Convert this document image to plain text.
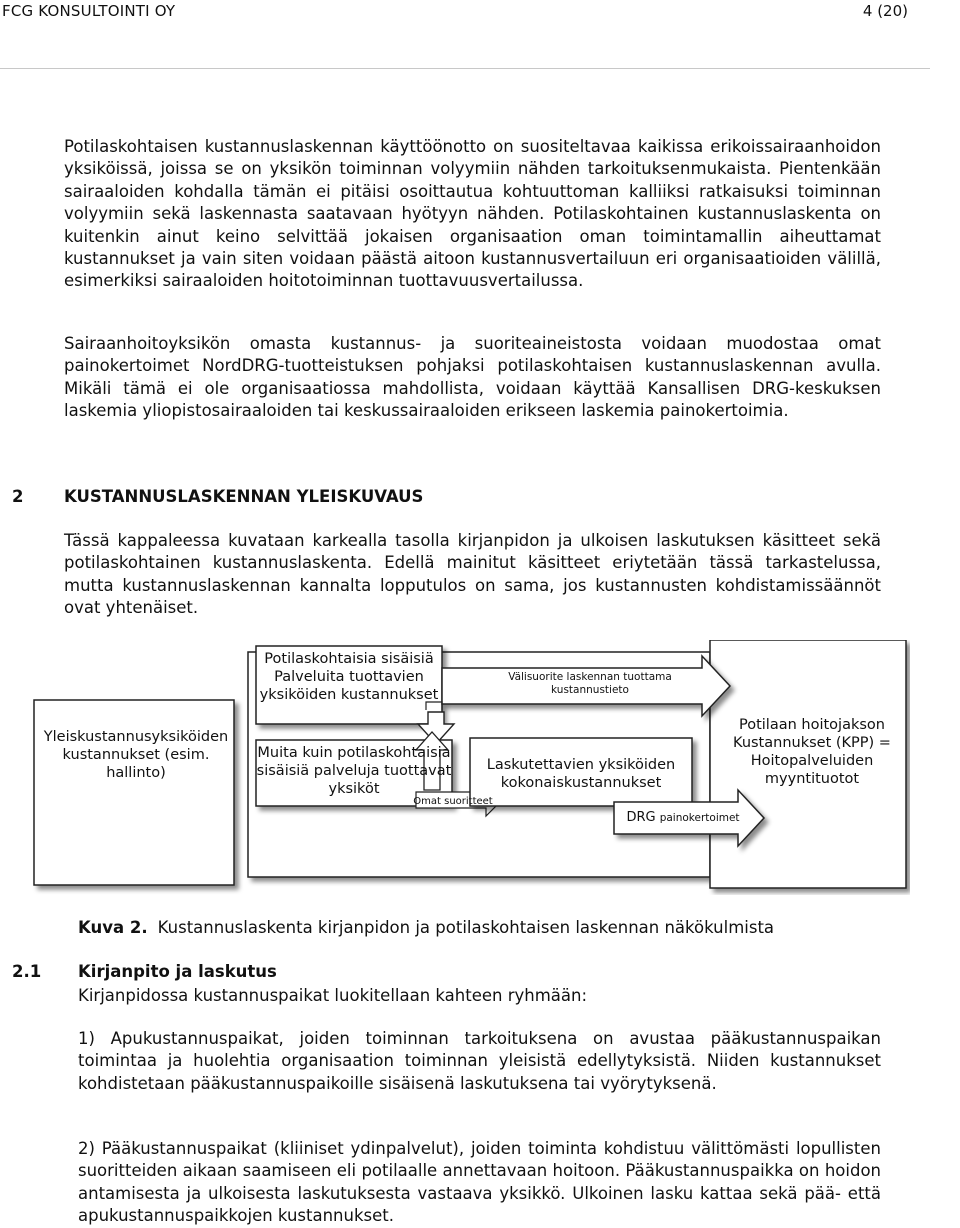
FCG KONSULTOINTI OY	4 (20)

Potilaskohtaisen kustannuslaskennan käyttöönotto on suositeltavaa kaikissa erikoissairaanhoidon yksiköissä, joissa se on yksikön toiminnan volyymiin nähden tarkoituksenmukaista. Pientenkään sairaaloiden kohdalla tämän ei pitäisi osoittautua kohtuuttoman kalliiksi ratkaisuksi toiminnan volyymiin sekä laskennasta saatavaan hyötyyn nähden. Potilaskohtainen kustannuslaskenta on kuitenkin ainut keino selvittää jokaisen organisaation oman toimintamallin aiheuttamat kustannukset ja vain siten voidaan päästä aitoon kustannusvertailuun eri organisaatioiden välillä, esimerkiksi sairaaloiden hoitotoiminnan tuottavuusvertailussa.

Sairaanhoitoyksikön omasta kustannus- ja suoriteaineistosta voidaan muodostaa omat painokertoimet NordDRG-tuotteistuksen pohjaksi potilaskohtaisen kustannuslaskennan avulla. Mikäli tämä ei ole organisaatiossa mahdollista, voidaan käyttää Kansallisen DRG-keskuksen laskemia yliopistosairaaloiden tai keskussairaaloiden erikseen laskemia painokertoimia.

2 KUSTANNUSLASKENNAN YLEISKUVAUS

Tässä kappaleessa kuvataan karkealla tasolla kirjanpidon ja ulkoisen laskutuksen käsitteet sekä potilaskohtainen kustannuslaskenta. Edellä mainitut käsitteet eriytetään tässä tarkastelussa, mutta kustannuslaskennan kannalta lopputulos on sama, jos kustannusten kohdistamissäännöt ovat yhtenäiset.

Yleiskustannusyksiköiden kustannukset (esim. hallinto)

Potilaskohtaisia sisäisiä Palveluita tuottavien yksiköiden kustannukset

Muita kuin potilaskohtaisia sisäisiä palveluja tuottavat yksiköt

Välisuorite laskennan tuottama kustannustieto

Omat suoritteet

Laskutettavien yksiköiden kokonaiskustannukset

DRG painokertoimet

Potilaan hoitojakson Kustannukset (KPP) = Hoitopalveluiden myyntituotot

Kuva 2. Kustannuslaskenta kirjanpidon ja potilaskohtaisen laskennan näkökulmista

2.1 Kirjanpito ja laskutus

Kirjanpidossa kustannuspaikat luokitellaan kahteen ryhmään:

1) Apukustannuspaikat, joiden toiminnan tarkoituksena on avustaa pääkustannuspaikan toimintaa ja huolehtia organisaation toiminnan yleisistä edellytyksistä. Niiden kustannukset kohdistetaan pääkustannuspaikoille sisäisenä laskutuksena tai vyörytyksenä.

2) Pääkustannuspaikat (kliiniset ydinpalvelut), joiden toiminta kohdistuu välittömästi lopullisten suoritteiden aikaan saamiseen eli potilaalle annettavaan hoitoon. Pääkustannuspaikka on hoidon antamisesta ja ulkoisesta laskutuksesta vastaava yksikkö. Ulkoinen lasku kattaa sekä pää- että apukustannuspaikkojen kustannukset.
